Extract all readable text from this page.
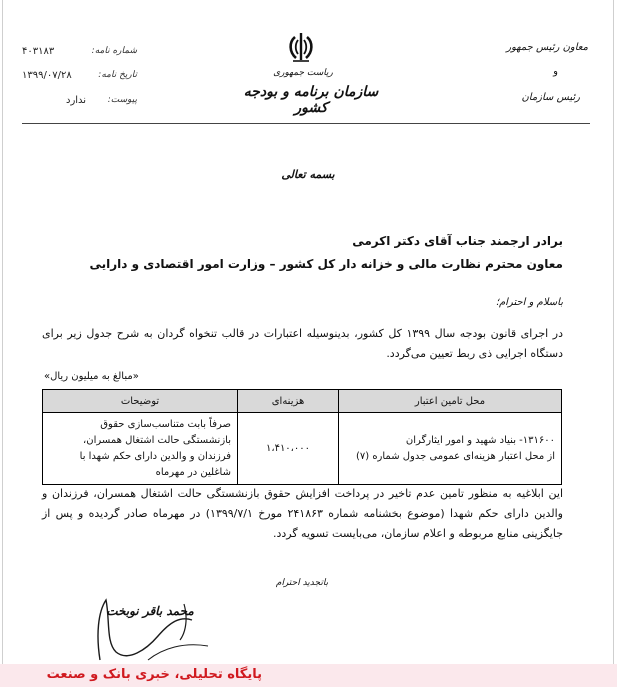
شماره نامه:
۴۰۳۱۸۳
تاریخ نامه:
۱۳۹۹/۰۷/۲۸
پیوست:
ندارد
ریاست جمهوری
سازمان برنامه و بودجه کشور
معاون رئیس جمهور
و
رئیس سازمان
بسمه تعالی
برادر ارجمند جناب آقای دکتر اکرمی
معاون محترم نظارت مالی و خزانه دار کل کشور – وزارت امور اقتصادی و دارایی
باسلام و احترام؛
در اجرای قانون بودجه سال ۱۳۹۹ کل کشور، بدینوسیله اعتبارات در قالب تنخواه گردان به شرح جدول زیر برای دستگاه اجرایی ذی ربط تعیین می‌گردد.
«مبالغ به میلیون ریال»
محل تامین اعتبار	هزینه‌ای	توضیحات

۱۳۱۶۰۰- بنیاد شهید و امور ایثارگران
از محل اعتبار هزینه‌ای عمومی جدول شماره (۷)	۱،۴۱۰،۰۰۰	صرفاً بابت متناسب‌سازی حقوق بازنشستگی حالت اشتغال همسران، فرزندان و والدین دارای حکم شهدا با شاغلین در مهرماه
این ابلاغیه به منظور تامین عدم تاخیر در پرداخت افزایش حقوق بازنشستگی حالت اشتغال همسران، فرزندان و والدین دارای حکم شهدا (موضوع بخشنامه شماره ۲۴۱۸۶۳ مورخ ۱۳۹۹/۷/۱) در مهرماه صادر گردیده و پس از جایگزینی منابع مربوطه و اعلام سازمان، می‌بایست تسویه گردد.
باتجدید احترام
محمد باقر نوبخت
پایگاه تحلیلی، خبری بانک و صنعت
